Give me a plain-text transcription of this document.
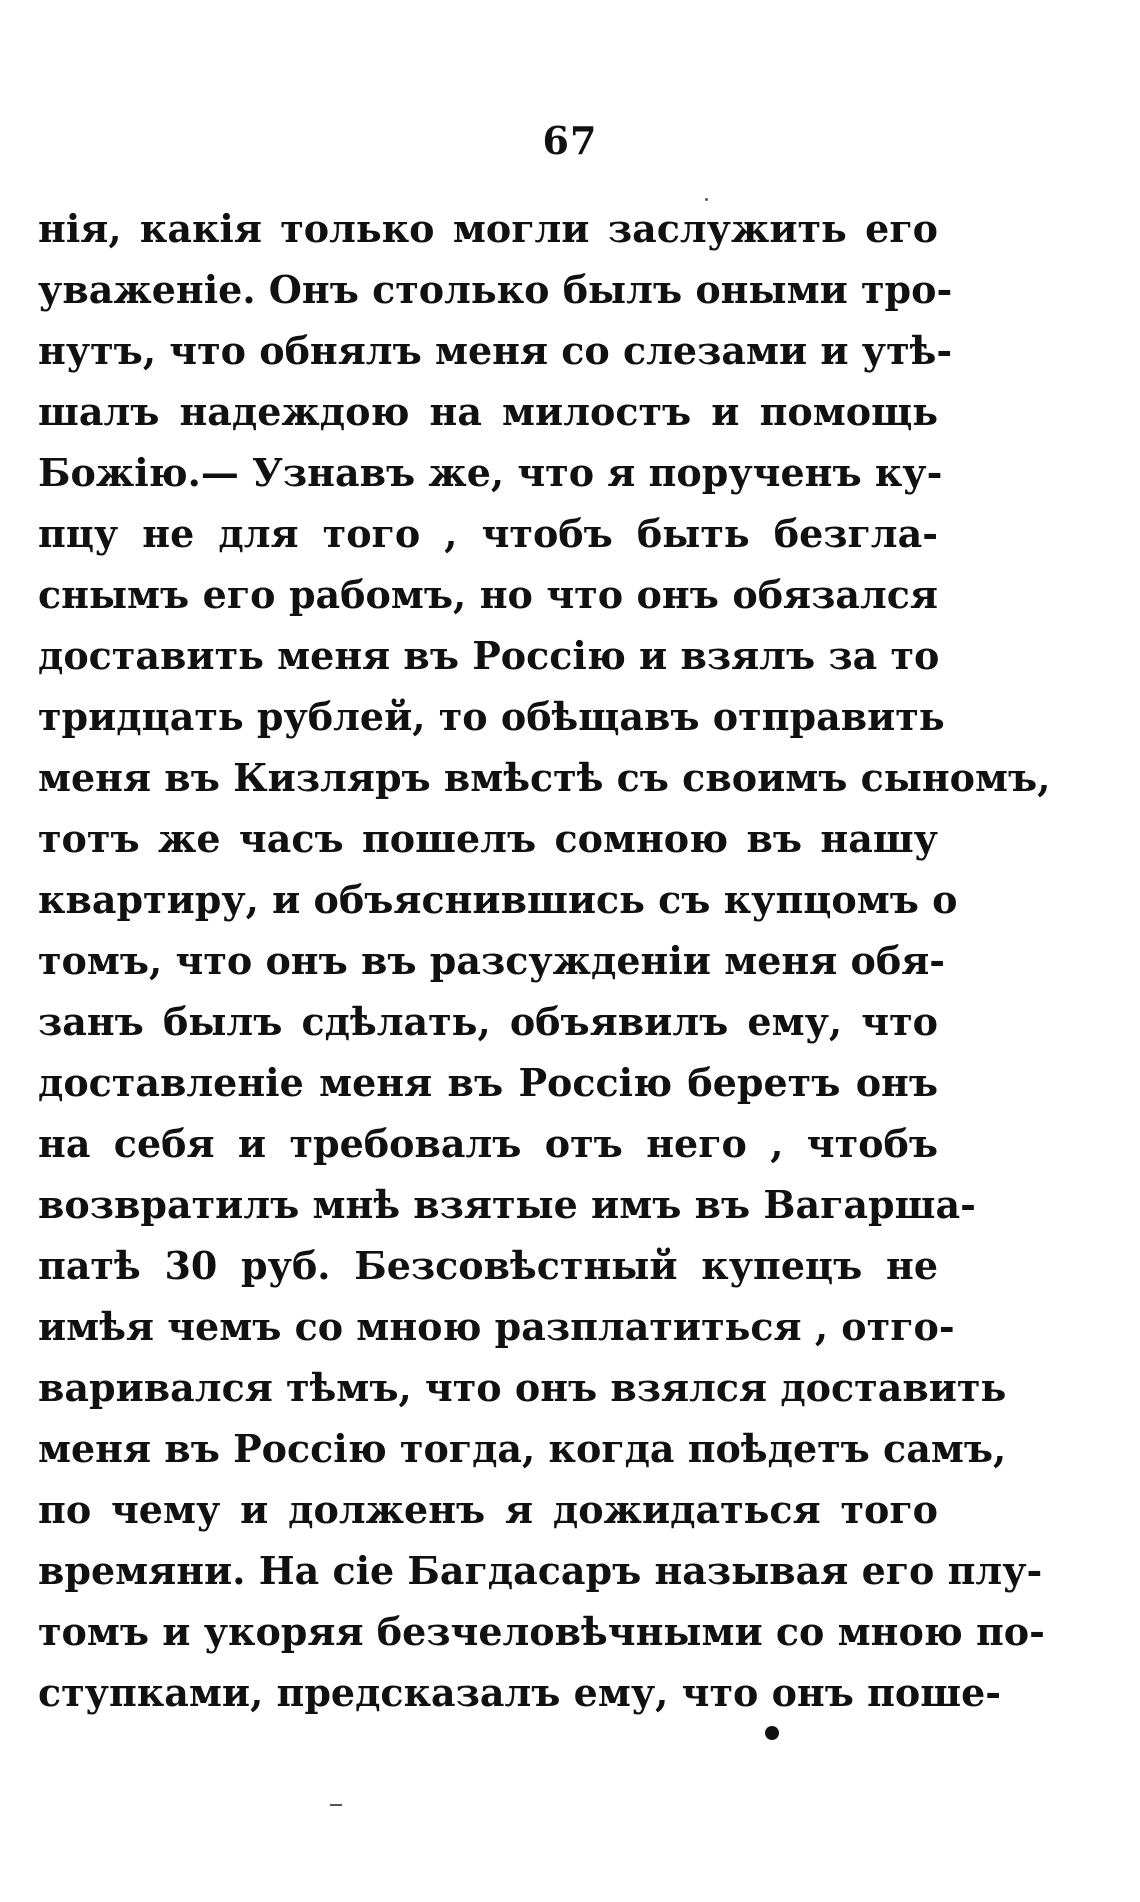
67
нія, какія только могли заслужить его
уваженіе. Онъ столько былъ оными тро-
нутъ, что обнялъ меня со слезами и утѣ-
шалъ надеждою на милостъ и помощь
Божію.— Узнавъ же, что я порученъ ку-
пцу не для того , чтобъ быть безгла-
снымъ его рабомъ, но что онъ обязался
доставить меня въ Россію и взялъ за то
тридцать рублей, то обѣщавъ отправить
меня въ Кизляръ вмѣстѣ съ своимъ сыномъ,
тотъ же часъ пошелъ сомною въ нашу
квартиру, и объяснившись съ купцомъ о
томъ, что онъ въ разсужденіи меня обя-
занъ былъ сдѣлать, объявилъ ему, что
доставленіе меня въ Россію беретъ онъ
на себя и требовалъ отъ него , чтобъ
возвратилъ мнѣ взятые имъ въ Вагарша-
патѣ 30 руб. Безсовѣстный купецъ не
имѣя чемъ со мною разплатиться , отго-
варивался тѣмъ, что онъ взялся доставить
меня въ Россію тогда, когда поѣдетъ самъ,
по чему и долженъ я дожидаться того
времяни. На сіе Багдасаръ называя его плу-
томъ и укоряя безчеловѣчными со мною по-
ступками, предсказалъ ему, что онъ поше-
